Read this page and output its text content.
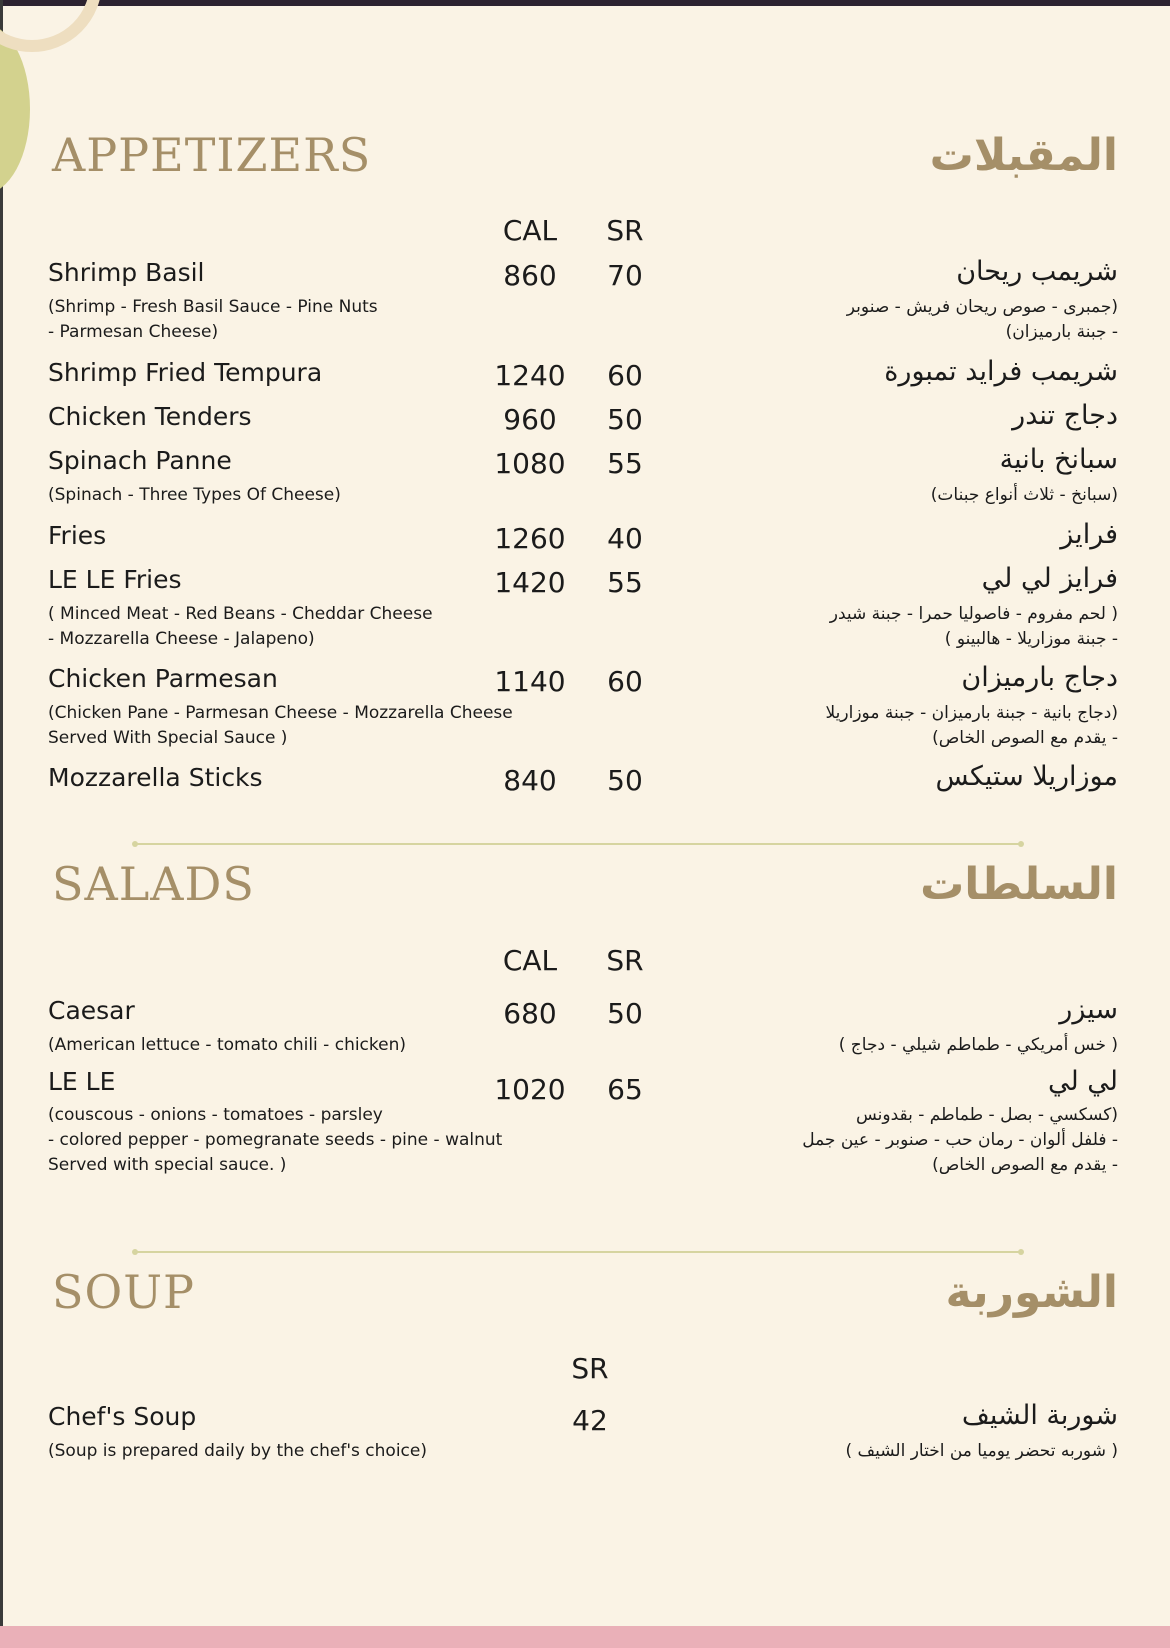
APPETIZERS	المقبلات
CAL	SR
Shrimp Basil	860	70	شريمب ريحان
(Shrimp - Fresh Basil Sauce - Pine Nuts
- Parmesan Cheese)
(جمبرى - صوص ريحان فريش - صنوبر
- جبنة بارميزان)
Shrimp Fried Tempura	1240	60	شريمب فرايد تمبورة
Chicken Tenders	960	50	دجاج تندر
Spinach Panne	1080	55	سبانخ بانية
(Spinach - Three Types Of Cheese)	(سبانخ - ثلاث أنواع جبنات)
Fries	1260	40	فرايز
LE LE Fries	1420	55	فرايز لي لي
( Minced Meat - Red Beans - Cheddar Cheese
- Mozzarella Cheese - Jalapeno)
( لحم مفروم - فاصوليا حمرا - جبنة شيدر
- جبنة موزاريلا - هالبينو )
Chicken Parmesan	1140	60	دجاج بارميزان
(Chicken Pane - Parmesan Cheese - Mozzarella Cheese
Served With Special Sauce )
(دجاج بانية - جبنة بارميزان - جبنة موزاريلا
- يقدم مع الصوص الخاص)
Mozzarella Sticks	840	50	موزاريلا ستيكس
SALADS	السلطات
CAL	SR
Caesar	680	50	سيزر
(American lettuce - tomato chili - chicken)	( خس أمريكي - طماطم شيلي - دجاج )
LE LE	1020	65	لي لي
(couscous - onions - tomatoes - parsley
- colored pepper - pomegranate seeds - pine - walnut
Served with special sauce. )
(كسكسي - بصل - طماطم - بقدونس
- فلفل ألوان - رمان حب - صنوبر - عين جمل
- يقدم مع الصوص الخاص)
SOUP	الشوربة
SR
Chef's Soup	42	شوربة الشيف
(Soup is prepared daily by the chef's choice)	( شوربه تحضر يوميا من اختار الشيف )
